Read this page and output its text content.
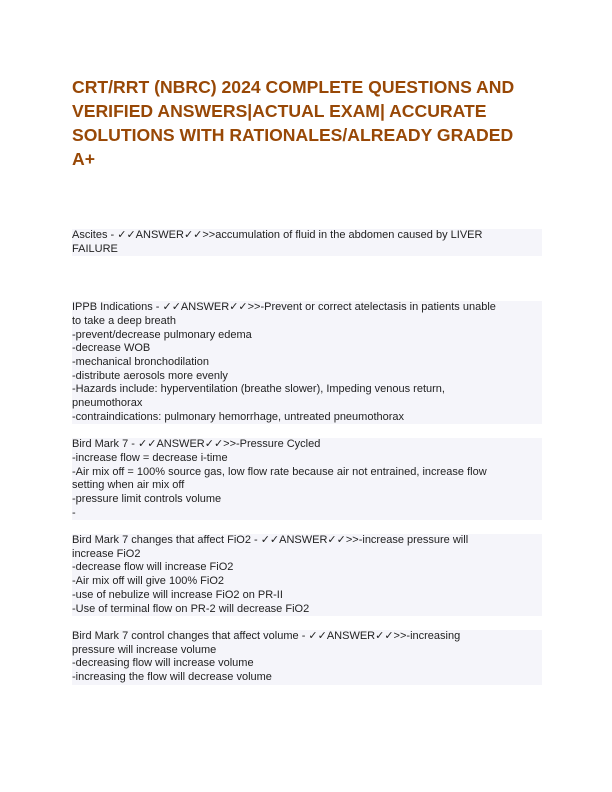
CRT/RRT (NBRC) 2024 COMPLETE QUESTIONS AND
VERIFIED ANSWERS|ACTUAL EXAM| ACCURATE
SOLUTIONS WITH RATIONALES/ALREADY GRADED
A+
Ascites - ✓✓ANSWER✓✓>>accumulation of fluid in the abdomen caused by LIVER
FAILURE
IPPB Indications - ✓✓ANSWER✓✓>>-Prevent or correct atelectasis in patients unable
to take a deep breath
-prevent/decrease pulmonary edema
-decrease WOB
-mechanical bronchodilation
-distribute aerosols more evenly
-Hazards include: hyperventilation (breathe slower), Impeding venous return,
pneumothorax
-contraindications: pulmonary hemorrhage, untreated pneumothorax
Bird Mark 7 - ✓✓ANSWER✓✓>>-Pressure Cycled
-increase flow = decrease i-time
-Air mix off = 100% source gas, low flow rate because air not entrained, increase flow
setting when air mix off
-pressure limit controls volume
-
Bird Mark 7 changes that affect FiO2 - ✓✓ANSWER✓✓>>-increase pressure will
increase FiO2
-decrease flow will increase FiO2
-Air mix off will give 100% FiO2
-use of nebulize will increase FiO2 on PR-II
-Use of terminal flow on PR-2 will decrease FiO2
Bird Mark 7 control changes that affect volume - ✓✓ANSWER✓✓>>-increasing
pressure will increase volume
-decreasing flow will increase volume
-increasing the flow will decrease volume
